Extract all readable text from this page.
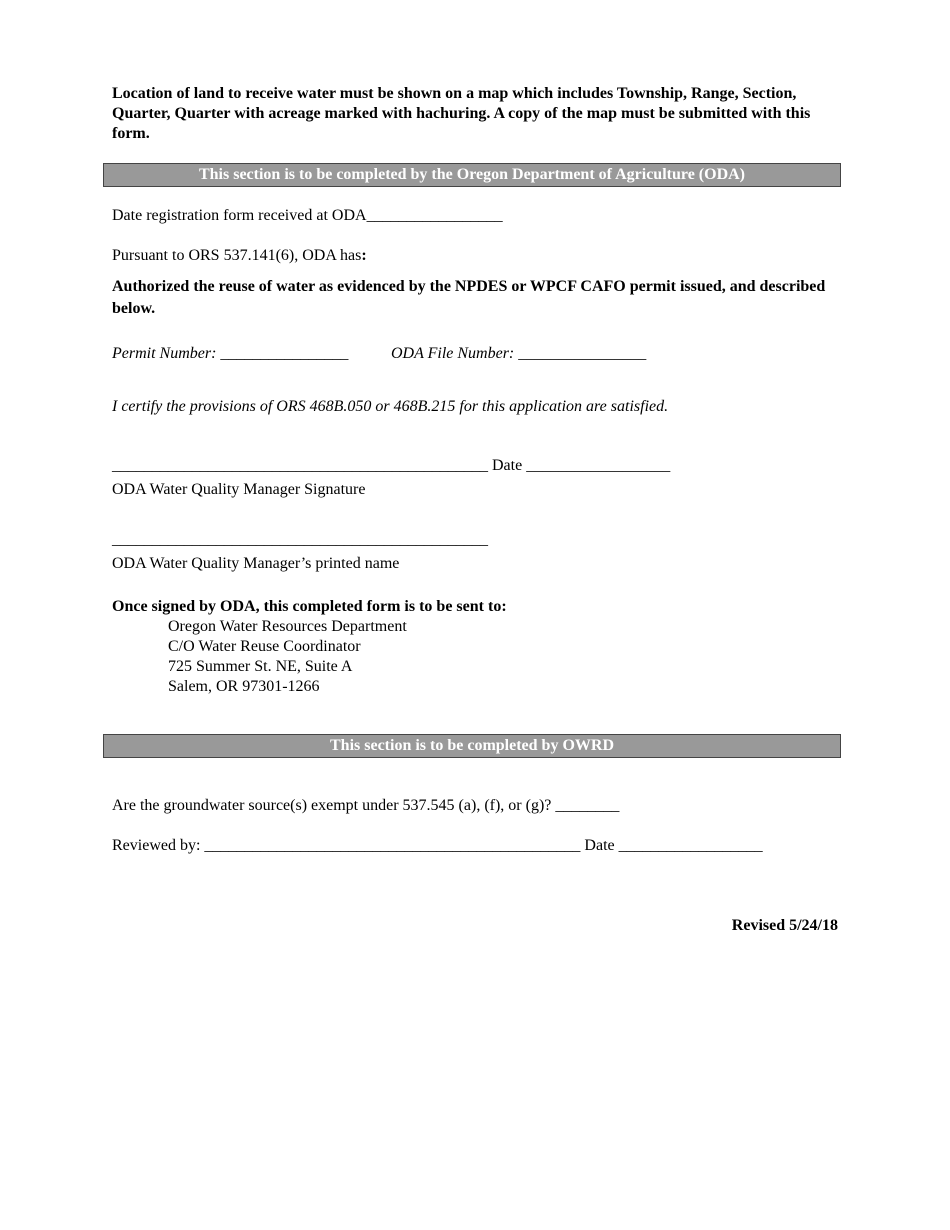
Location of land to receive water must be shown on a map which includes Township, Range, Section, Quarter, Quarter with acreage marked with hachuring. A copy of the map must be submitted with this form.
This section is to be completed by the Oregon Department of Agriculture (ODA)
Date registration form received at ODA_________________
Pursuant to ORS 537.141(6), ODA has:
Authorized the reuse of water as evidenced by the NPDES or WPCF CAFO permit issued, and described below.
Permit Number: ________________	ODA File Number: ________________
I certify the provisions of ORS 468B.050 or 468B.215 for this application are satisfied.
_______________________________________________ Date __________________
ODA Water Quality Manager Signature
_______________________________________________
ODA Water Quality Manager’s printed name
Once signed by ODA, this completed form is to be sent to:
Oregon Water Resources Department
C/O Water Reuse Coordinator
725 Summer St. NE, Suite A
Salem, OR 97301-1266
This section is to be completed by OWRD
Are the groundwater source(s) exempt under 537.545 (a), (f), or (g)? ________
Reviewed by: _______________________________________________ Date __________________
Revised 5/24/18
